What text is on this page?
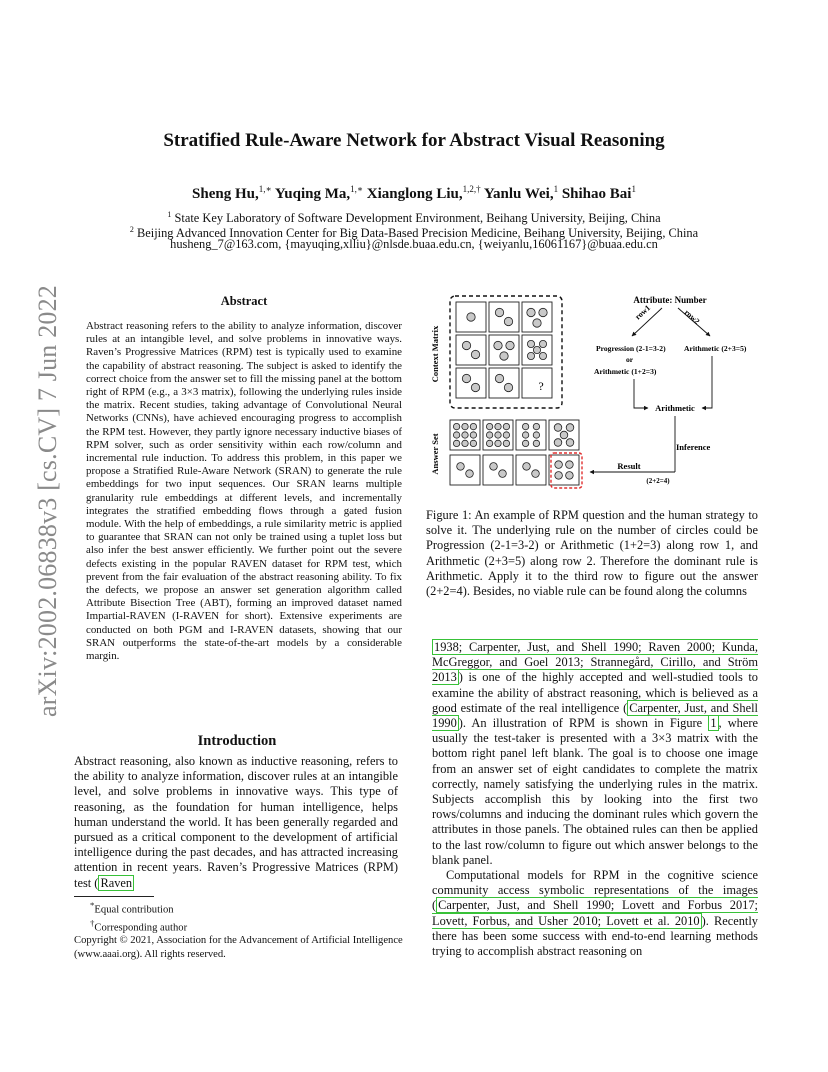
arXiv:2002.06838v3 [cs.CV] 7 Jun 2022
Stratified Rule-Aware Network for Abstract Visual Reasoning
Sheng Hu,$^{1,∗}$ Yuqing Ma,$^{1,∗}$ Xianglong Liu,$^{1,2,\dagger}$ Yanlu Wei,$^1$ Shihao Bai$^1$
$^1$ State Key Laboratory of Software Development Environment, Beihang University, Beijing, China
$^2$ Beijing Advanced Innovation Center for Big Data-Based Precision Medicine, Beihang University, Beijing, China
husheng_7@163.com, {mayuqing,xlliu}@nlsde.buaa.edu.cn, {weiyanlu,16061167}@buaa.edu.cn
Abstract
Abstract reasoning refers to the ability to analyze information, discover rules at an intangible level, and solve problems in innovative ways. Raven’s Progressive Matrices (RPM) test is typically used to examine the capability of abstract reasoning. The subject is asked to identify the correct choice from the answer set to fill the missing panel at the bottom right of RPM (e.g., a 3×3 matrix), following the underlying rules inside the matrix. Recent studies, taking advantage of Convolutional Neural Networks (CNNs), have achieved encouraging progress to accomplish the RPM test. However, they partly ignore necessary inductive biases of RPM solver, such as order sensitivity within each row/column and incremental rule induction. To address this problem, in this paper we propose a Stratified Rule-Aware Network (SRAN) to generate the rule embeddings for two input sequences. Our SRAN learns multiple granularity rule embeddings at different levels, and incrementally integrates the stratified embedding flows through a gated fusion module. With the help of embeddings, a rule similarity metric is applied to guarantee that SRAN can not only be trained using a tuplet loss but also infer the best answer efficiently. We further point out the severe defects existing in the popular RAVEN dataset for RPM test, which prevent from the fair evaluation of the abstract reasoning ability. To fix the defects, we propose an answer set generation algorithm called Attribute Bisection Tree (ABT), forming an improved dataset named Impartial-RAVEN (I-RAVEN for short). Extensive experiments are conducted on both PGM and I-RAVEN datasets, showing that our SRAN outperforms the state-of-the-art models by a considerable margin.
Introduction
Abstract reasoning, also known as inductive reasoning, refers to the ability to analyze information, discover rules at an intangible level, and solve problems in innovative ways. This type of reasoning, as the foundation for human intelligence, helps human understand the world. It has been generally regarded and pursued as a critical component to the development of artificial intelligence during the past decades, and has attracted increasing attention in recent years. Raven’s Progressive Matrices (RPM) test ( Raven
*Equal contribution
†Corresponding author
Copyright © 2021, Association for the Advancement of Artificial Intelligence (www.aaai.org). All rights reserved.
Context Matrix
Answer Set
?
Attribute: Number
row1	row2
Progression (2-1=3-2)
or
Arithmetic (1+2=3)
Arithmetic (2+3=5)
Arithmetic
Inference
Result
(2+2=4)
Figure 1: An example of RPM question and the human strategy to solve it. The underlying rule on the number of circles could be Progression (2-1=3-2) or Arithmetic (1+2=3) along row 1, and Arithmetic (2+3=5) along row 2. Therefore the dominant rule is Arithmetic. Apply it to the third row to figure out the answer (2+2=4). Besides, no viable rule can be found along the columns

1938; Carpenter, Just, and Shell 1990; Raven 2000; Kunda, McGreggor, and Goel 2013; Strannegård, Cirillo, and Ström 2013 ) is one of the highly accepted and well-studied tools to examine the ability of abstract reasoning, which is believed as a good estimate of the real intelligence ( Carpenter, Just, and Shell 1990 ). An illustration of RPM is shown in Figure 1 , where usually the test-taker is presented with a 3×3 matrix with the bottom right panel left blank. The goal is to choose one image from an answer set of eight candidates to complete the matrix correctly, namely satisfying the underlying rules in the matrix. Subjects accomplish this by looking into the first two rows/columns and inducing the dominant rules which govern the attributes in those panels. The obtained rules can then be applied to the last row/column to figure out which answer belongs to the blank panel.

Computational models for RPM in the cognitive science community access symbolic representations of the images ( Carpenter, Just, and Shell 1990; Lovett and Forbus 2017; Lovett, Forbus, and Usher 2010; Lovett et al. 2010 ). Recently there has been some success with end-to-end learning methods trying to accomplish abstract reasoning on
